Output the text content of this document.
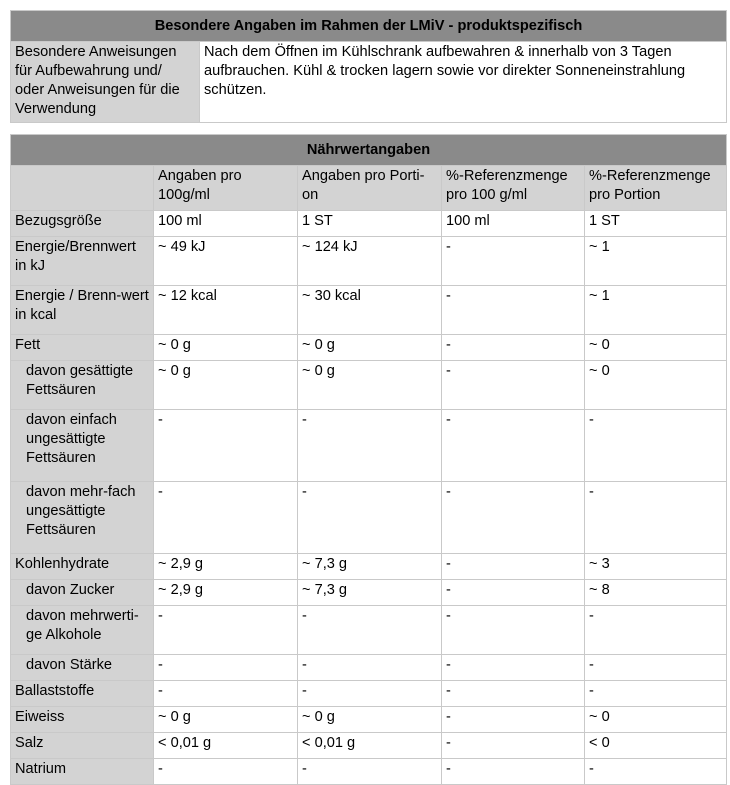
Besondere Angaben im Rahmen der LMiV - produktspezifisch
Besondere Anweisungen für Aufbewahrung und/ oder Anweisungen für die Verwendung	Nach dem Öffnen im Kühlschrank aufbewahren & innerhalb von 3 Tagen aufbrauchen. Kühl & trocken lagern sowie vor direkter Sonneneinstrahlung schützen.
Nährwertangaben				
	Angaben pro 100g/ml	Angaben pro Porti-on	%-Referenzmenge pro 100 g/ml	%-Referenzmenge pro Portion
Bezugsgröße	100 ml	1 ST	100 ml	1 ST
Energie/Brennwert in kJ	~ 49 kJ	~ 124 kJ	-	~ 1
Energie / Brenn-wert in kcal	~ 12 kcal	~ 30 kcal	-	~ 1
Fett	~ 0 g	~ 0 g	-	~ 0
davon gesättigte Fettsäuren	~ 0 g	~ 0 g	-	~ 0
davon einfach ungesättigte Fettsäuren	-	-	-	-
davon mehr-fach ungesättigte Fettsäuren	-	-	-	-
Kohlenhydrate	~ 2,9 g	~ 7,3 g	-	~ 3
davon Zucker	~ 2,9 g	~ 7,3 g	-	~ 8
davon mehrwerti-ge Alkohole	-	-	-	-
davon Stärke	-	-	-	-
Ballaststoffe	-	-	-	-
Eiweiss	~ 0 g	~ 0 g	-	~ 0
Salz	< 0,01 g	< 0,01 g	-	< 0
Natrium	-	-	-	-
